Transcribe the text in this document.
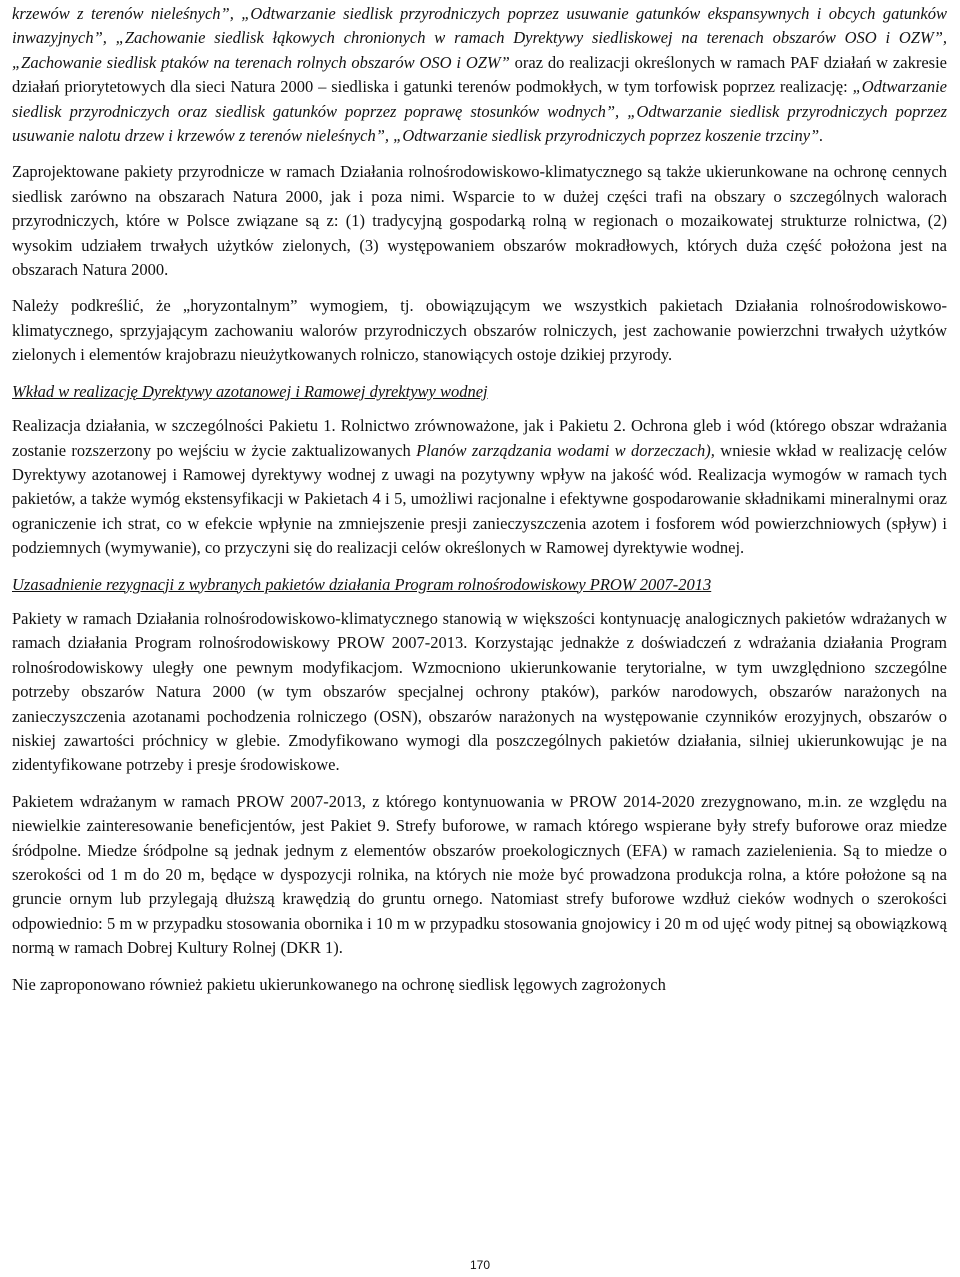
krzewów z terenów nieleśnych”, „Odtwarzanie siedlisk przyrodniczych poprzez usuwanie gatunków ekspansywnych i obcych gatunków inwazyjnych”, „Zachowanie siedlisk łąkowych chronionych w ramach Dyrektywy siedliskowej na terenach obszarów OSO i OZW”, „Zachowanie siedlisk ptaków na terenach rolnych obszarów OSO i OZW” oraz do realizacji określonych w ramach PAF działań w zakresie działań priorytetowych dla sieci Natura 2000 – siedliska i gatunki terenów podmokłych, w tym torfowisk poprzez realizację: „Odtwarzanie siedlisk przyrodniczych oraz siedlisk gatunków poprzez poprawę stosunków wodnych”, „Odtwarzanie siedlisk przyrodniczych poprzez usuwanie nalotu drzew i krzewów z terenów nieleśnych”, „Odtwarzanie siedlisk przyrodniczych poprzez koszenie trzciny”.

Zaprojektowane pakiety przyrodnicze w ramach Działania rolnośrodowiskowo-klimatycznego są także ukierunkowane na ochronę cennych siedlisk zarówno na obszarach Natura 2000, jak i poza nimi. Wsparcie to w dużej części trafi na obszary o szczególnych walorach przyrodniczych, które w Polsce związane są z: (1) tradycyjną gospodarką rolną w regionach o mozaikowatej strukturze rolnictwa, (2) wysokim udziałem trwałych użytków zielonych, (3) występowaniem obszarów mokradłowych, których duża część położona jest na obszarach Natura 2000.

Należy podkreślić, że „horyzontalnym” wymogiem, tj. obowiązującym we wszystkich pakietach Działania rolnośrodowiskowo-klimatycznego, sprzyjającym zachowaniu walorów przyrodniczych obszarów rolniczych, jest zachowanie powierzchni trwałych użytków zielonych i elementów krajobrazu nieużytkowanych rolniczo, stanowiących ostoje dzikiej przyrody.

Wkład w realizację Dyrektywy azotanowej i Ramowej dyrektywy wodnej

Realizacja działania, w szczególności Pakietu 1. Rolnictwo zrównoważone, jak i Pakietu 2. Ochrona gleb i wód (którego obszar wdrażania zostanie rozszerzony po wejściu w życie zaktualizowanych Planów zarządzania wodami w dorzeczach), wniesie wkład w realizację celów Dyrektywy azotanowej i Ramowej dyrektywy wodnej z uwagi na pozytywny wpływ na jakość wód. Realizacja wymogów w ramach tych pakietów, a także wymóg ekstensyfikacji w Pakietach 4 i 5, umożliwi racjonalne i efektywne gospodarowanie składnikami mineralnymi oraz ograniczenie ich strat, co w efekcie wpłynie na zmniejszenie presji zanieczyszczenia azotem i fosforem wód powierzchniowych (spływ) i podziemnych (wymywanie), co przyczyni się do realizacji celów określonych w Ramowej dyrektywie wodnej.

Uzasadnienie rezygnacji z wybranych pakietów działania Program rolnośrodowiskowy PROW 2007-2013

Pakiety w ramach Działania rolnośrodowiskowo-klimatycznego stanowią w większości kontynuację analogicznych pakietów wdrażanych w ramach działania Program rolnośrodowiskowy PROW 2007-2013. Korzystając jednakże z doświadczeń z wdrażania działania Program rolnośrodowiskowy uległy one pewnym modyfikacjom. Wzmocniono ukierunkowanie terytorialne, w tym uwzględniono szczególne potrzeby obszarów Natura 2000 (w tym obszarów specjalnej ochrony ptaków), parków narodowych, obszarów narażonych na zanieczyszczenia azotanami pochodzenia rolniczego (OSN), obszarów narażonych na występowanie czynników erozyjnych, obszarów o niskiej zawartości próchnicy w glebie. Zmodyfikowano wymogi dla poszczególnych pakietów działania, silniej ukierunkowując je na zidentyfikowane potrzeby i presje środowiskowe.

Pakietem wdrażanym w ramach PROW 2007-2013, z którego kontynuowania w PROW 2014-2020 zrezygnowano, m.in. ze względu na niewielkie zainteresowanie beneficjentów, jest Pakiet 9. Strefy buforowe, w ramach którego wspierane były strefy buforowe oraz miedze śródpolne. Miedze śródpolne są jednak jednym z elementów obszarów proekologicznych (EFA) w ramach zazielenienia. Są to miedze o szerokości od 1 m do 20 m, będące w dyspozycji rolnika, na których nie może być prowadzona produkcja rolna, a które położone są na gruncie ornym lub przylegają dłuższą krawędzią do gruntu ornego. Natomiast strefy buforowe wzdłuż cieków wodnych o szerokości odpowiednio: 5 m w przypadku stosowania obornika i 10 m w przypadku stosowania gnojowicy i 20 m od ujęć wody pitnej są obowiązkową normą w ramach Dobrej Kultury Rolnej (DKR 1).

Nie zaproponowano również pakietu ukierunkowanego na ochronę siedlisk lęgowych zagrożonych

170
